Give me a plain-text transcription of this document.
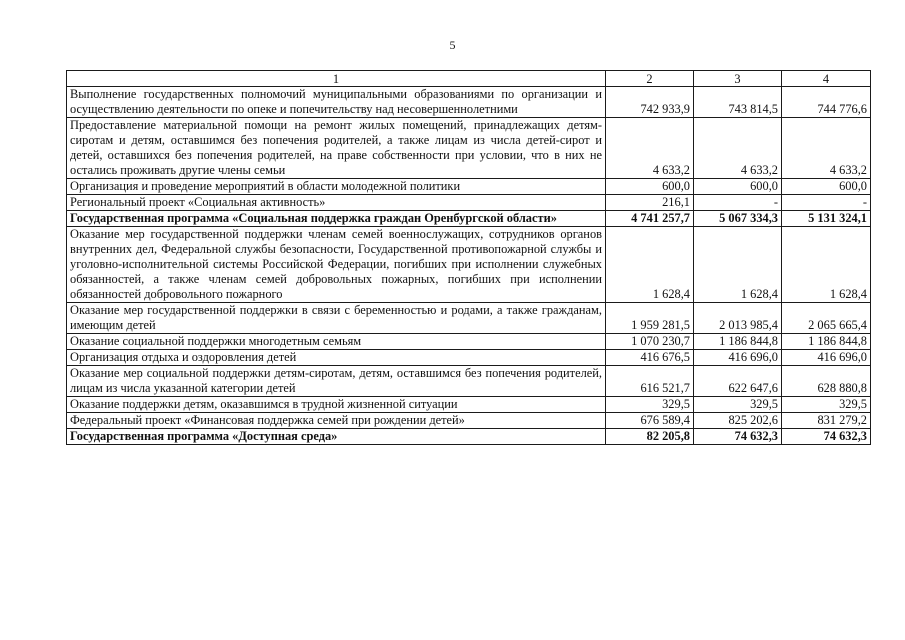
5
1	2	3	4
Выполнение государственных полномочий муниципальными образованиями по организации и осуществлению деятельности по опеке и попечительству над несовершеннолетними	742 933,9	743 814,5	744 776,6
Предоставление материальной помощи на ремонт жилых помещений, принадлежащих детям-сиротам и детям, оставшимся без попечения родителей, а также лицам из числа детей-сирот и детей, оставшихся без попечения родителей, на праве собственности при условии, что в них не остались проживать другие члены семьи	4 633,2	4 633,2	4 633,2
Организация и проведение мероприятий в области молодежной политики	600,0	600,0	600,0
Региональный проект «Социальная активность»	216,1	-	-
Государственная программа «Социальная поддержка граждан Оренбургской области»	4 741 257,7	5 067 334,3	5 131 324,1
Оказание мер государственной поддержки членам семей военнослужащих, сотрудников органов внутренних дел, Федеральной службы безопасности, Государственной противопожарной службы и уголовно-исполнительной системы Российской Федерации, погибших при исполнении служебных обязанностей, а также членам семей добровольных пожарных, погибших при исполнении обязанностей добровольного пожарного	1 628,4	1 628,4	1 628,4
Оказание мер государственной поддержки в связи с беременностью и родами, а также гражданам, имеющим детей	1 959 281,5	2 013 985,4	2 065 665,4
Оказание социальной поддержки многодетным семьям	1 070 230,7	1 186 844,8	1 186 844,8
Организация отдыха и оздоровления детей	416 676,5	416 696,0	416 696,0
Оказание мер социальной поддержки детям-сиротам, детям, оставшимся без попечения родителей, лицам из числа указанной категории детей	616 521,7	622 647,6	628 880,8
Оказание поддержки детям, оказавшимся в трудной жизненной ситуации	329,5	329,5	329,5
Федеральный проект «Финансовая поддержка семей при рождении детей»	676 589,4	825 202,6	831 279,2
Государственная программа «Доступная среда»	82 205,8	74 632,3	74 632,3
